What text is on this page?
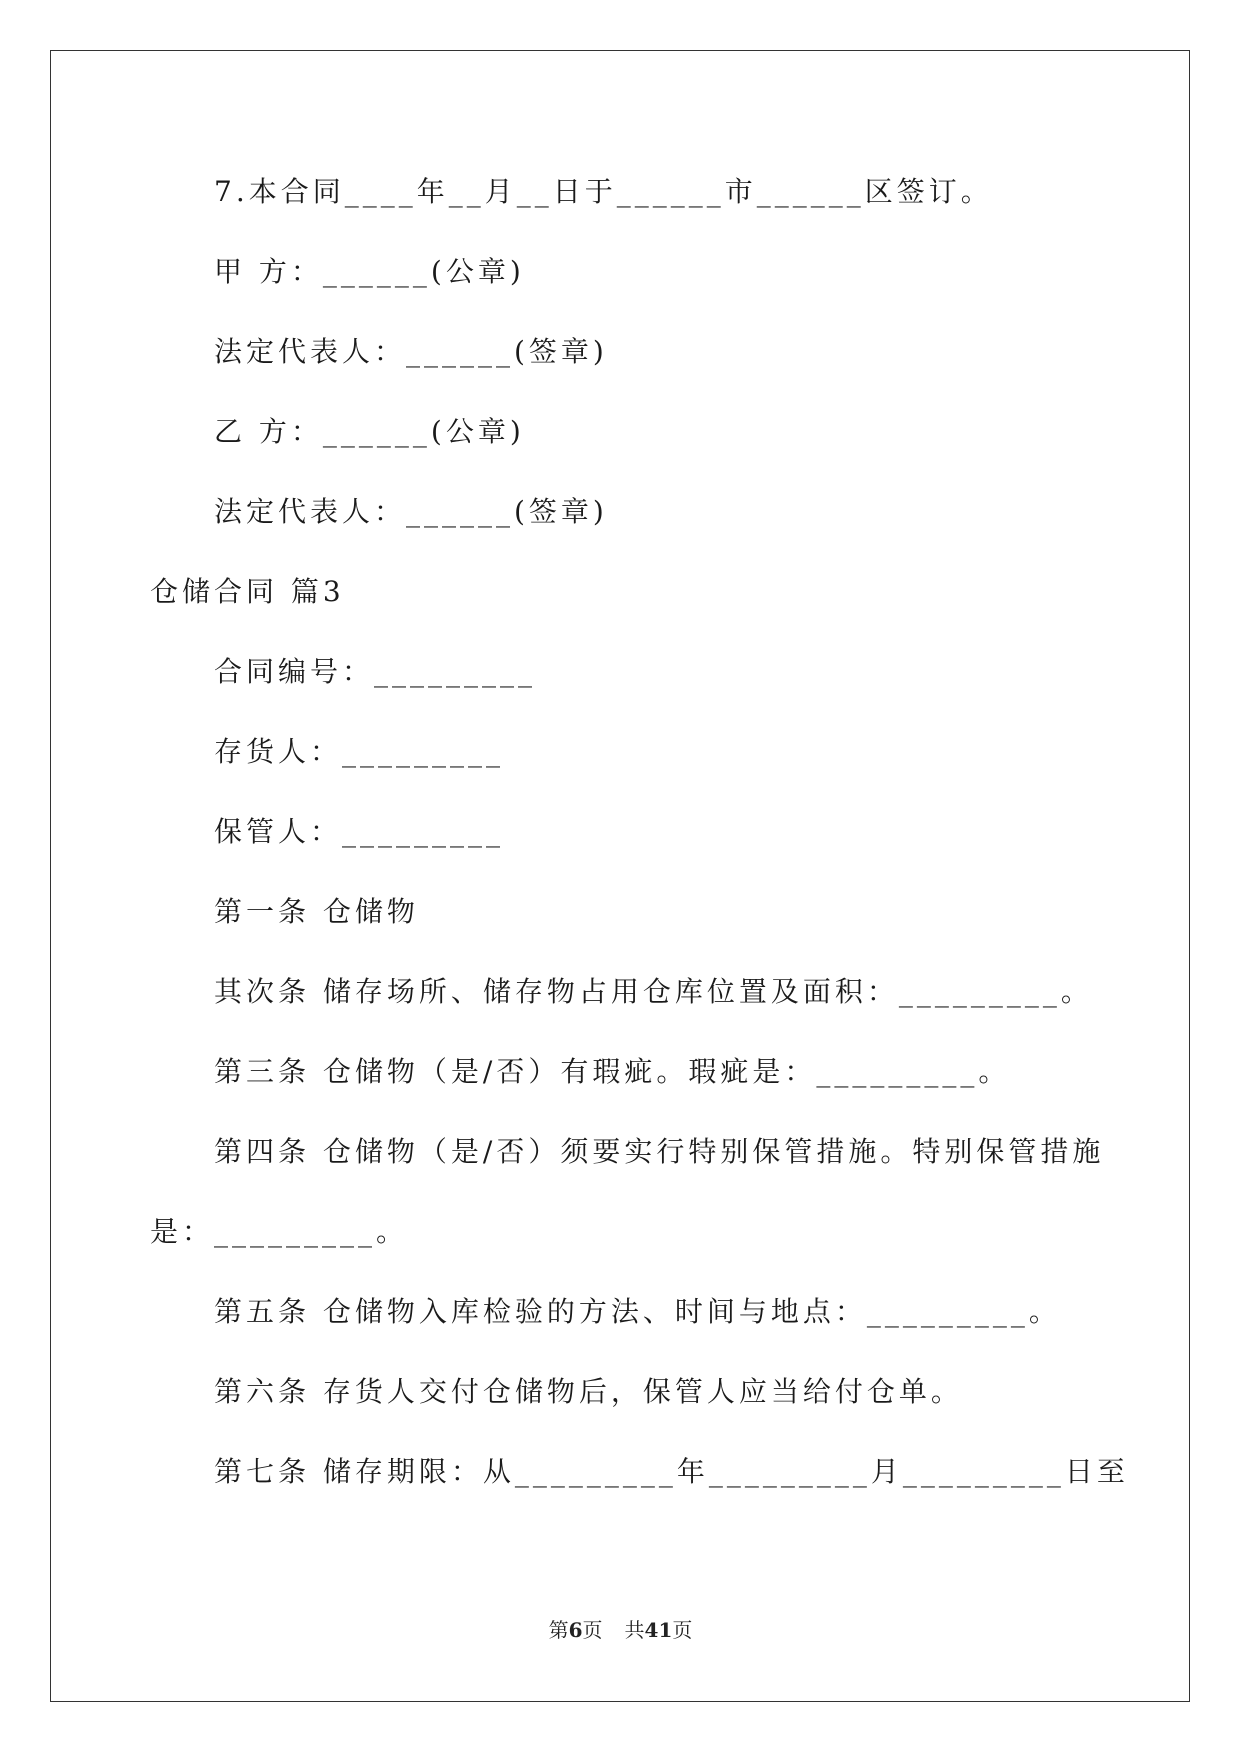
7.本合同____年__月__日于______市______区签订。

甲 方：______(公章)

法定代表人：______(签章)

乙 方：______(公章)

法定代表人：______(签章)

仓储合同 篇3

合同编号：_________

存货人：_________

保管人：_________

第一条 仓储物

其次条 储存场所、储存物占用仓库位置及面积：_________。

第三条 仓储物（是/否）有瑕疵。瑕疵是：_________。

第四条 仓储物（是/否）须要实行特别保管措施。特别保管措施

是：_________。

第五条 仓储物入库检验的方法、时间与地点：_________。

第六条 存货人交付仓储物后，保管人应当给付仓单。

第七条 储存期限：从_________年_________月_________日至

第6页 共41页
